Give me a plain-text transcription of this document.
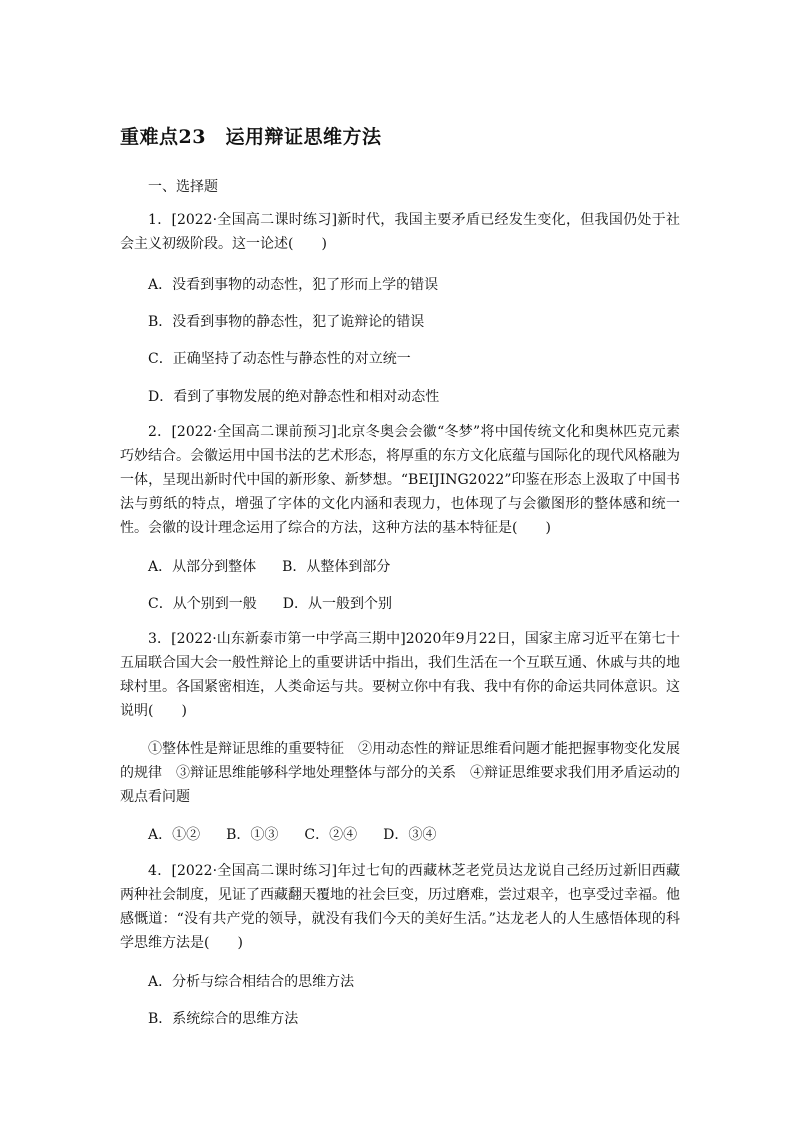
重难点23　运用辩证思维方法
一、选择题

1．[2022·全国高二课时练习]新时代，我国主要矛盾已经发生变化，但我国仍处于社会主义初级阶段。这一论述(　　)

A．没看到事物的动态性，犯了形而上学的错误

B．没看到事物的静态性，犯了诡辩论的错误

C．正确坚持了动态性与静态性的对立统一

D．看到了事物发展的绝对静态性和相对动态性

2．[2022·全国高二课前预习]北京冬奥会会徽“冬梦”将中国传统文化和奥林匹克元素巧妙结合。会徽运用中国书法的艺术形态，将厚重的东方文化底蕴与国际化的现代风格融为一体，呈现出新时代中国的新形象、新梦想。“BEIJING2022”印鉴在形态上汲取了中国书法与剪纸的特点，增强了字体的文化内涵和表现力，也体现了与会徽图形的整体感和统一性。会徽的设计理念运用了综合的方法，这种方法的基本特征是(　　)

A．从部分到整体 B．从整体到部分

C．从个别到一般 D．从一般到个别

3．[2022·山东新泰市第一中学高三期中]2020年9月22日，国家主席习近平在第七十五届联合国大会一般性辩论上的重要讲话中指出，我们生活在一个互联互通、休戚与共的地球村里。各国紧密相连，人类命运与共。要树立你中有我、我中有你的命运共同体意识。这说明(　　)

①整体性是辩证思维的重要特征　②用动态性的辩证思维看问题才能把握事物变化发展的规律　③辩证思维能够科学地处理整体与部分的关系　④辩证思维要求我们用矛盾运动的观点看问题

A．①② B．①③ C．②④ D．③④

4．[2022·全国高二课时练习]年过七旬的西藏林芝老党员达龙说自己经历过新旧西藏两种社会制度，见证了西藏翻天覆地的社会巨变，历过磨难，尝过艰辛，也享受过幸福。他感慨道：“没有共产党的领导，就没有我们今天的美好生活。”达龙老人的人生感悟体现的科学思维方法是(　　)

A．分析与综合相结合的思维方法

B．系统综合的思维方法
